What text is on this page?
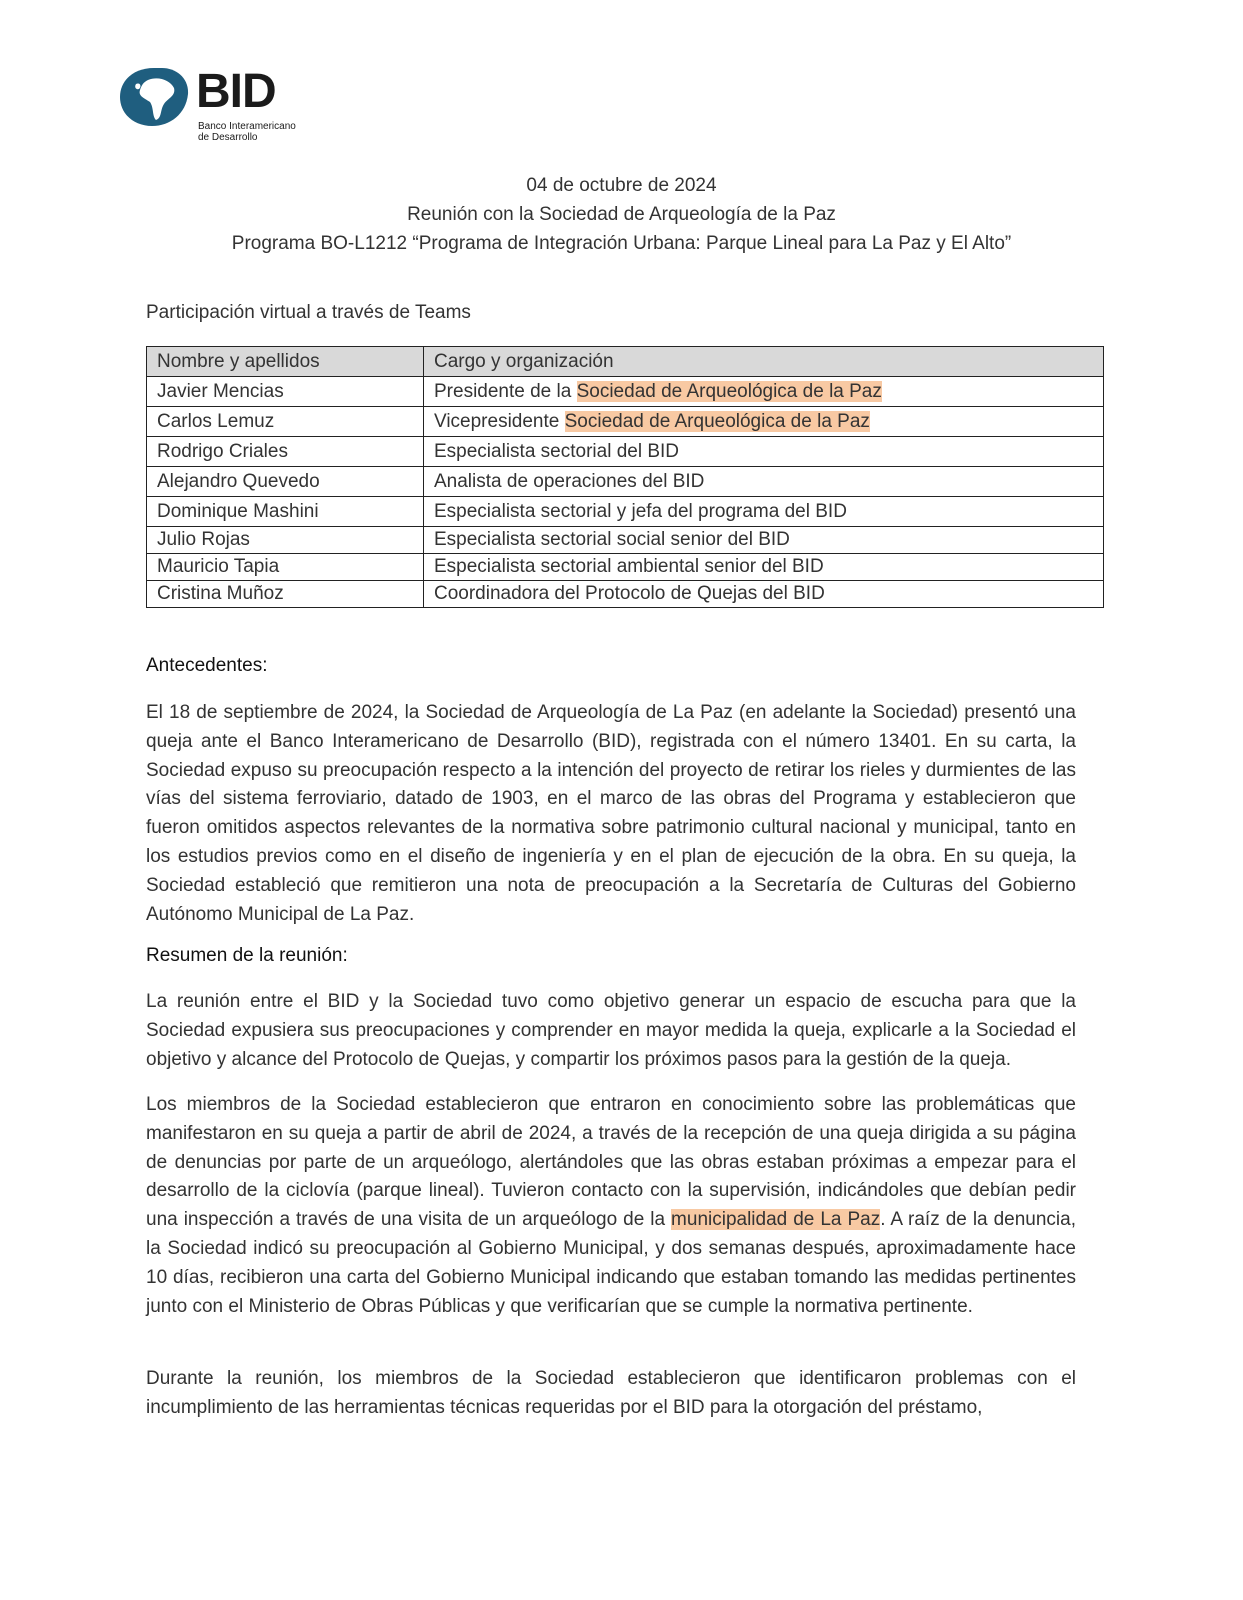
BID
Banco Interamericano
de Desarrollo
04 de octubre de 2024
Reunión con la Sociedad de Arqueología de la Paz
Programa BO-L1212 “Programa de Integración Urbana: Parque Lineal para La Paz y El Alto”
Participación virtual a través de Teams
Nombre y apellidos	Cargo y organización
Javier Mencias	Presidente de la Sociedad de Arqueológica de la Paz
Carlos Lemuz	Vicepresidente Sociedad de Arqueológica de la Paz
Rodrigo Criales	Especialista sectorial del BID
Alejandro Quevedo	Analista de operaciones del BID
Dominique Mashini	Especialista sectorial y jefa del programa del BID
Julio Rojas	Especialista sectorial social senior del BID
Mauricio Tapia	Especialista sectorial ambiental senior del BID
Cristina Muñoz	Coordinadora del Protocolo de Quejas del BID
Antecedentes:
El 18 de septiembre de 2024, la Sociedad de Arqueología de La Paz (en adelante la Sociedad) presentó una queja ante el Banco Interamericano de Desarrollo (BID), registrada con el número 13401. En su carta, la Sociedad expuso su preocupación respecto a la intención del proyecto de retirar los rieles y durmientes de las vías del sistema ferroviario, datado de 1903, en el marco de las obras del Programa y establecieron que fueron omitidos aspectos relevantes de la normativa sobre patrimonio cultural nacional y municipal, tanto en los estudios previos como en el diseño de ingeniería y en el plan de ejecución de la obra. En su queja, la Sociedad estableció que remitieron una nota de preocupación a la Secretaría de Culturas del Gobierno Autónomo Municipal de La Paz.
Resumen de la reunión:
La reunión entre el BID y la Sociedad tuvo como objetivo generar un espacio de escucha para que la Sociedad expusiera sus preocupaciones y comprender en mayor medida la queja, explicarle a la Sociedad el objetivo y alcance del Protocolo de Quejas, y compartir los próximos pasos para la gestión de la queja.
Los miembros de la Sociedad establecieron que entraron en conocimiento sobre las problemáticas que manifestaron en su queja a partir de abril de 2024, a través de la recepción de una queja dirigida a su página de denuncias por parte de un arqueólogo, alertándoles que las obras estaban próximas a empezar para el desarrollo de la ciclovía (parque lineal). Tuvieron contacto con la supervisión, indicándoles que debían pedir una inspección a través de una visita de un arqueólogo de la municipalidad de La Paz. A raíz de la denuncia, la Sociedad indicó su preocupación al Gobierno Municipal, y dos semanas después, aproximadamente hace 10 días, recibieron una carta del Gobierno Municipal indicando que estaban tomando las medidas pertinentes junto con el Ministerio de Obras Públicas y que verificarían que se cumple la normativa pertinente.
Durante la reunión, los miembros de la Sociedad establecieron que identificaron problemas con el incumplimiento de las herramientas técnicas requeridas por el BID para la otorgación del préstamo,
